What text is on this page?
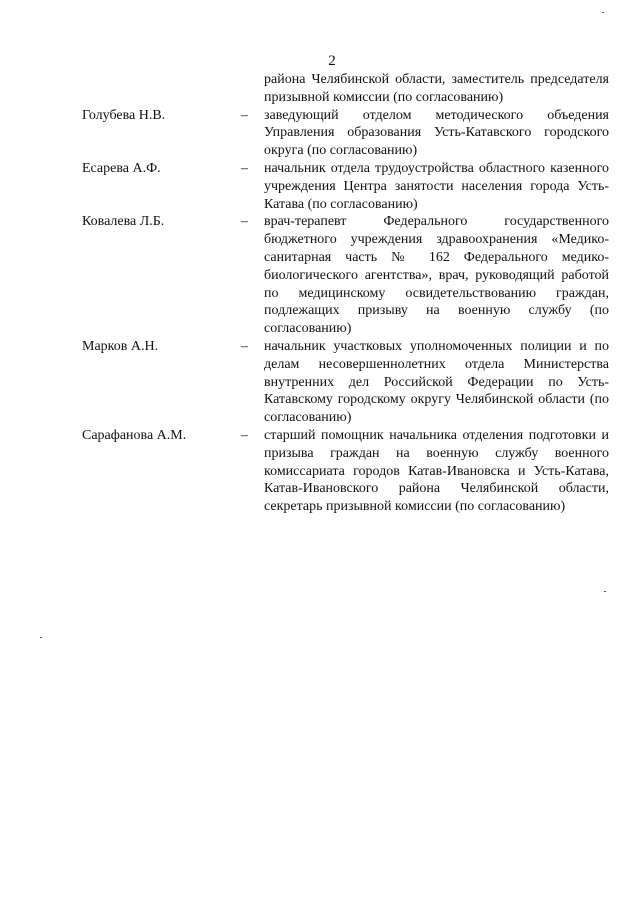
2
района Челябинской области, заместитель председателя призывной комиссии (по согласованию)
Голубева Н.В.	– заведующий отделом методического объедения Управления образования Усть-Катавского городского округа (по согласованию)
Есарева А.Ф.	– начальник отдела трудоустройства областного казенного учреждения Центра занятости населения города Усть-Катава (по согласованию)
Ковалева Л.Б.	– врач-терапевт Федерального государственного бюджетного учреждения здравоохранения «Медико-санитарная часть № 162 Федерального медико-биологического агентства», врач, руководящий работой по медицинскому освидетельствованию граждан, подлежащих призыву на военную службу (по согласованию)
Марков А.Н.	– начальник участковых уполномоченных полиции и по делам несовершеннолетних отдела Министерства внутренних дел Российской Федерации по Усть-Катавскому городскому округу Челябинской области (по согласованию)
Сарафанова А.М.	– старший помощник начальника отделения подготовки и призыва граждан на военную службу военного комиссариата городов Катав-Ивановска и Усть-Катава, Катав-Ивановского района Челябинской области, секретарь призывной комиссии (по согласованию)
